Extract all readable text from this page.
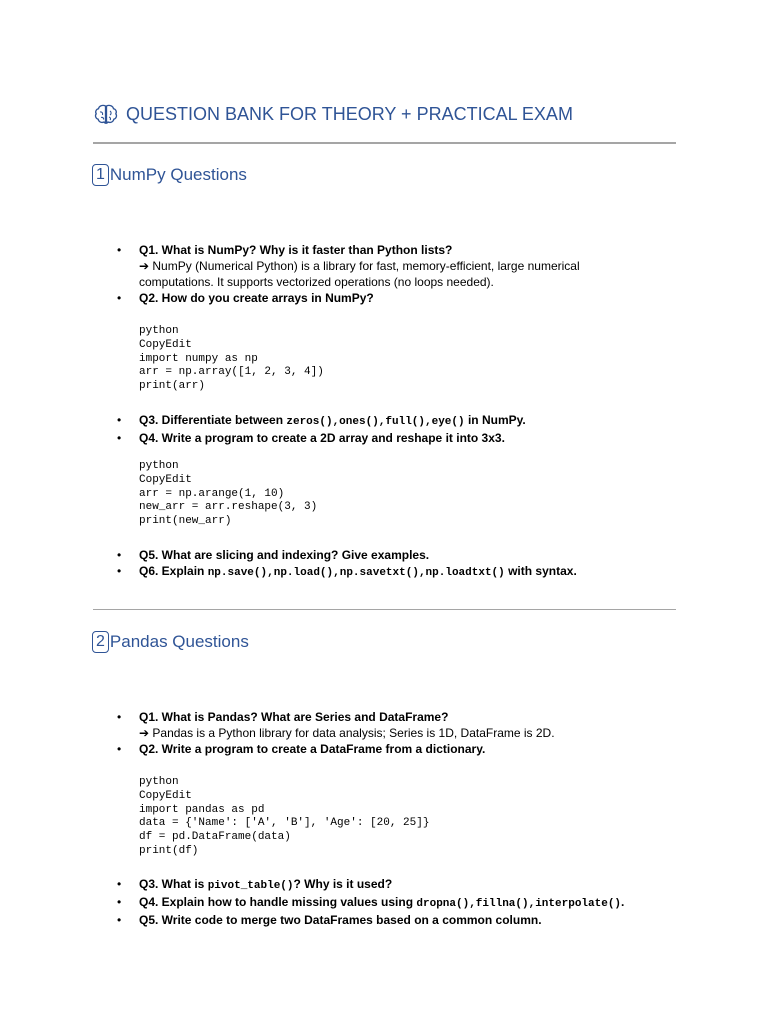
QUESTION BANK FOR THEORY + PRACTICAL EXAM
1 NumPy Questions
• Q1. What is NumPy? Why is it faster than Python lists?
➔ NumPy (Numerical Python) is a library for fast, memory-efficient, large numerical
computations. It supports vectorized operations (no loops needed).
• Q2. How do you create arrays in NumPy?
python
CopyEdit
import numpy as np
arr = np.array([1, 2, 3, 4])
print(arr)
• Q3. Differentiate between zeros(),ones(),full(),eye() in NumPy.
• Q4. Write a program to create a 2D array and reshape it into 3x3.
python
CopyEdit
arr = np.arange(1, 10)
new_arr = arr.reshape(3, 3)
print(new_arr)
• Q5. What are slicing and indexing? Give examples.
• Q6. Explain np.save(),np.load(),np.savetxt(),np.loadtxt() with syntax.
2 Pandas Questions
• Q1. What is Pandas? What are Series and DataFrame?
➔ Pandas is a Python library for data analysis; Series is 1D, DataFrame is 2D.
• Q2. Write a program to create a DataFrame from a dictionary.
python
CopyEdit
import pandas as pd
data = {'Name': ['A', 'B'], 'Age': [20, 25]}
df = pd.DataFrame(data)
print(df)
• Q3. What is pivot_table()? Why is it used?
• Q4. Explain how to handle missing values using dropna(),fillna(),interpolate().
• Q5. Write code to merge two DataFrames based on a common column.
